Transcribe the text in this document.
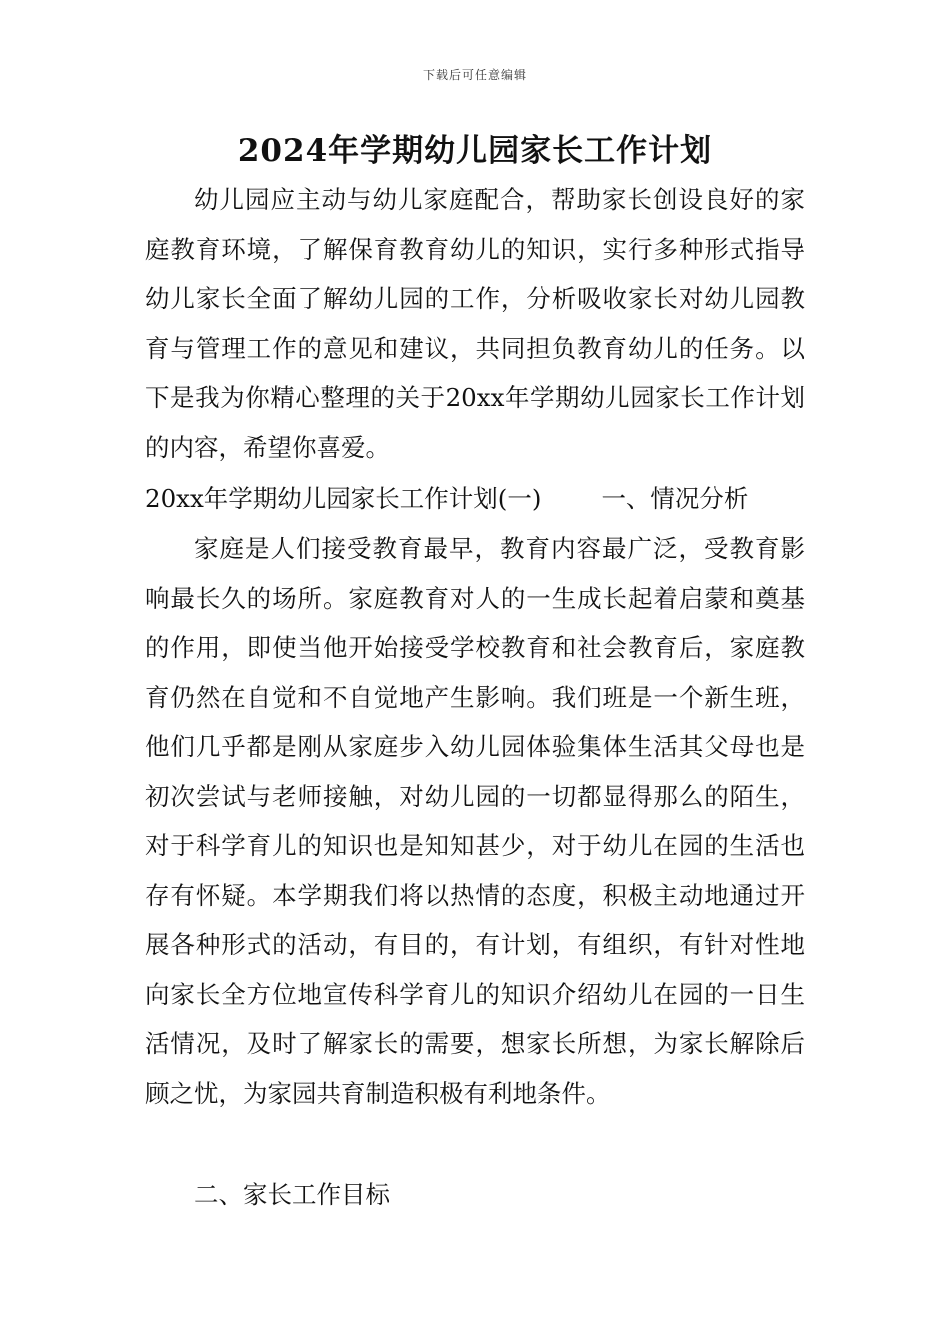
下载后可任意编辑
2024年学期幼儿园家长工作计划

幼儿园应主动与幼儿家庭配合，帮助家长创设良好的家庭教育环境，了解保育教育幼儿的知识，实行多种形式指导幼儿家长全面了解幼儿园的工作，分析吸收家长对幼儿园教育与管理工作的意见和建议，共同担负教育幼儿的任务。以下是我为你精心整理的关于20xx年学期幼儿园家长工作计划的内容，希望你喜爱。

20xx年学期幼儿园家长工作计划(一) 一、情况分析

家庭是人们接受教育最早，教育内容最广泛，受教育影响最长久的场所。家庭教育对人的一生成长起着启蒙和奠基的作用，即使当他开始接受学校教育和社会教育后，家庭教育仍然在自觉和不自觉地产生影响。我们班是一个新生班，他们几乎都是刚从家庭步入幼儿园体验集体生活其父母也是初次尝试与老师接触，对幼儿园的一切都显得那么的陌生，对于科学育儿的知识也是知知甚少，对于幼儿在园的生活也存有怀疑。本学期我们将以热情的态度，积极主动地通过开展各种形式的活动，有目的，有计划，有组织，有针对性地向家长全方位地宣传科学育儿的知识介绍幼儿在园的一日生活情况，及时了解家长的需要，想家长所想，为家长解除后顾之忧，为家园共育制造积极有利地条件。

二、家长工作目标
